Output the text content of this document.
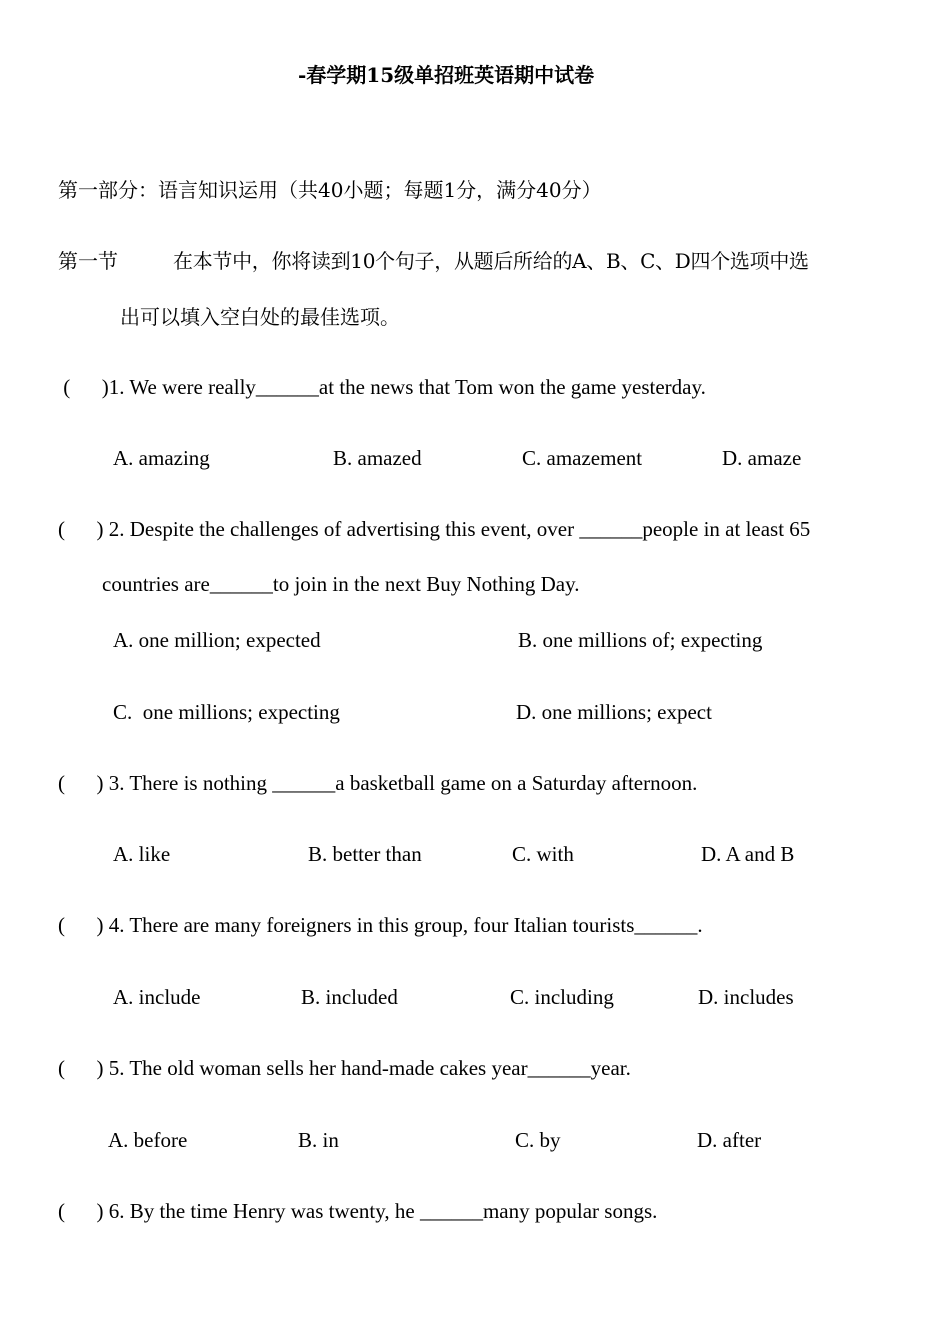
-春学期15级单招班英语期中试卷
第一部分：语言知识运用（共40小题；每题1分，满分40分）
第一节	在本节中，你将读到10个句子，从题后所给的A、B、C、D四个选项中选
出可以填入空白处的最佳选项。
(      )1. We were really______at the news that Tom won the game yesterday.
A. amazing	B. amazed	C. amazement	D. amaze
(      ) 2. Despite the challenges of advertising this event, over ______people in at least 65
countries are______to join in the next Buy Nothing Day.
A. one million; expected	B. one millions of; expecting
C.  one millions; expecting	D. one millions; expect
(      ) 3. There is nothing ______a basketball game on a Saturday afternoon.
A. like	B. better than	C. with	D. A and B
(      ) 4. There are many foreigners in this group, four Italian tourists______.
A. include	B. included	C. including	D. includes
(      ) 5. The old woman sells her hand-made cakes year______year.
A. before	B. in	C. by	D. after
(      ) 6. By the time Henry was twenty, he ______many popular songs.
